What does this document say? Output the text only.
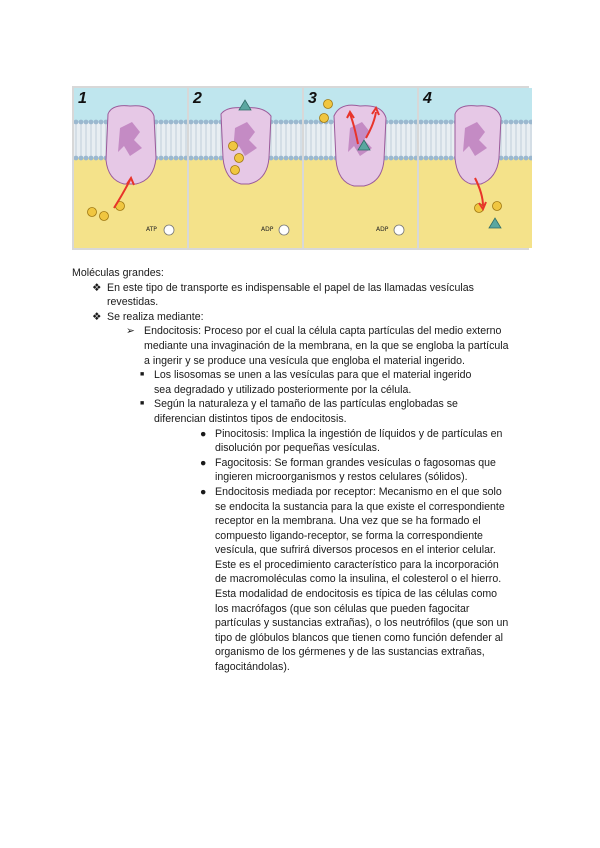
1
ATP
2
ADP
3
ADP
4
Moléculas grandes:
❖ En este tipo de transporte es indispensable el papel de las llamadas vesículas
revestidas.
❖ Se realiza mediante:
➢ Endocitosis: Proceso por el cual la célula capta partículas del medio externo
mediante una invaginación de la membrana, en la que se engloba la partícula
a ingerir y se produce una vesícula que engloba el material ingerido.
■ Los lisosomas se unen a las vesículas para que el material ingerido
sea degradado y utilizado posteriormente por la célula.
■ Según la naturaleza y el tamaño de las partículas englobadas se
diferencian distintos tipos de endocitosis.
● Pinocitosis: Implica la ingestión de líquidos y de partículas en
disolución por pequeñas vesículas.
● Fagocitosis: Se forman grandes vesículas o fagosomas que
ingieren microorganismos y restos celulares (sólidos).
● Endocitosis mediada por receptor: Mecanismo en el que solo
se endocita la sustancia para la que existe el correspondiente
receptor en la membrana. Una vez que se ha formado el
compuesto ligando-receptor, se forma la correspondiente
vesícula, que sufrirá diversos procesos en el interior celular.
Este es el procedimiento característico para la incorporación
de macromoléculas como la insulina, el colesterol o el hierro.
Esta modalidad de endocitosis es típica de las células como
los macrófagos (que son células que pueden fagocitar
partículas y sustancias extrañas), o los neutrófilos (que son un
tipo de glóbulos blancos que tienen como función defender al
organismo de los gérmenes y de las sustancias extrañas,
fagocitándolas).
